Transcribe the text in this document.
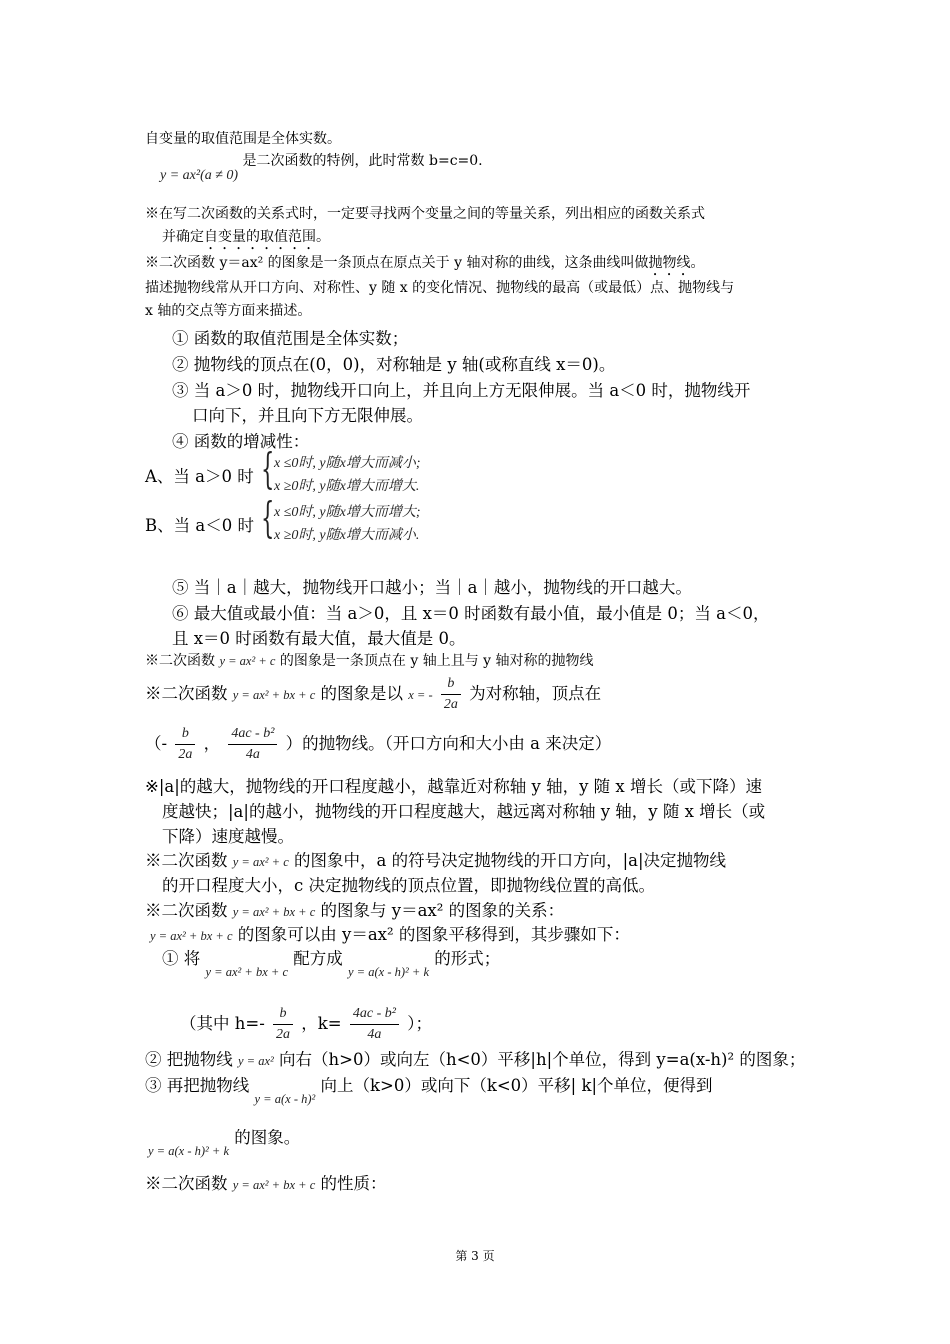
自变量的取值范围是全体实数。
y = ax²(a ≠ 0) 是二次函数的特例，此时常数 b=c=0.
※在写二次函数的关系式时，一定要寻找两个变量之间的等量关系，列出相应的函数关系式
并确定自变量的取值范围。
※二次函数 y＝ax² 的图象是一条顶点在原点关于 y 轴对称的曲线，这条曲线叫做抛物线。
描述抛物线常从开口方向、对称性、y 随 x 的变化情况、抛物线的最高（或最低）点、抛物线与
x 轴的交点等方面来描述。
① 函数的取值范围是全体实数；
② 抛物线的顶点在(0，0)，对称轴是 y 轴(或称直线 x＝0)。
③ 当 a＞0 时，抛物线开口向上，并且向上方无限伸展。当 a＜0 时，抛物线开
口向下，并且向下方无限伸展。
④ 函数的增减性：
A、当 a＞0 时 { x ≤0时, y随x增大而减小;
x ≥0时, y随x增大而增大.
B、当 a＜0 时 { x ≤0时, y随x增大而增大;
x ≥0时, y随x增大而减小.
⑤ 当｜a｜越大，抛物线开口越小；当｜a｜越小，抛物线的开口越大。
⑥ 最大值或最小值：当 a＞0，且 x＝0 时函数有最小值，最小值是 0；当 a＜0，
且 x＝0 时函数有最大值，最大值是 0。
※二次函数 y = ax² + c 的图象是一条顶点在 y 轴上且与 y 轴对称的抛物线
※二次函数 y = ax² + bx + c 的图象是以 x = - $\frac{b}{2a}$ 为对称轴，顶点在
（- $\frac{b}{2a}$ ， $\frac{\text{4ac - b²}}{4a}$ ）的抛物线。（开口方向和大小由 a 来决定）
※|a|的越大，抛物线的开口程度越小，越靠近对称轴 y 轴，y 随 x 增长（或下降）速
度越快；|a|的越小，抛物线的开口程度越大，越远离对称轴 y 轴，y 随 x 增长（或
下降）速度越慢。
※二次函数 y = ax² + c 的图象中，a 的符号决定抛物线的开口方向，|a|决定抛物线
的开口程度大小，c 决定抛物线的顶点位置，即抛物线位置的高低。
※二次函数 y = ax² + bx + c 的图象与 y＝ax² 的图象的关系：
y = ax² + bx + c 的图象可以由 y＝ax² 的图象平移得到，其步骤如下：
① 将 $_{y = ax^2 + bx + c}$ 配方成 $_{y = a(x - h)^2 + k}$ 的形式；
（其中 $h=- \frac{b}{2a}$ ，$k= \frac{\text{4ac - b²}}{4a}$ ）；
② 把抛物线 y = ax² 向右（h>0）或向左（h<0）平移|h|个单位，得到 y=a(x-h)² 的图象；
③ 再把抛物线 $_{y = a(x - h)^2}$ 向上（k>0）或向下（k<0）平移| k|个单位，便得到
$_{y = a(x - h)^2 + k}$ 的图象。
※二次函数 y = ax² + bx + c 的性质：
第 3 页
